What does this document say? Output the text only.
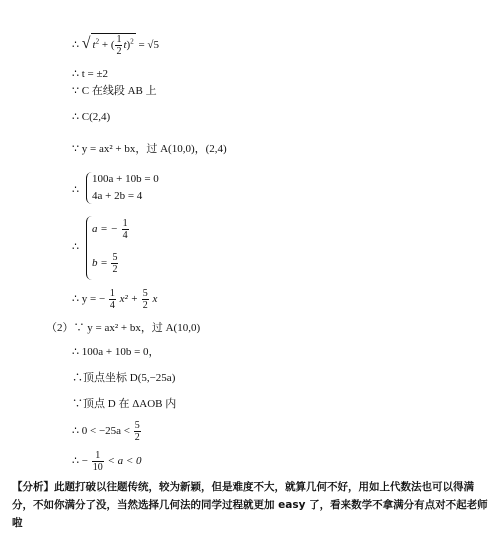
∴ √ $t^2$ + ( $\frac{1}{2} t)^2 = √5$
∴ t = ±2
∵ C 在线段 AB 上
∴ C(2,4)
∵ y = ax² + bx，过 A(10,0)，(2,4)
∴
100a + 10b = 0
4a + 2b = 4
∴
a = − $\frac{1}{4}$
$b = \frac{5}{2}$
∴ y = − $\frac{1}{4} x^2 + \frac{5}{2}$ x
（2）∵ y = ax² + bx，过 A(10,0)
∴ 100a + 10b = 0，
∴顶点坐标 D(5,−25a)
∵顶点 D 在 ΔAOB 内
∴ $0 < -25a < \frac{5}{2}$
∴ − $\frac{1}{10} < a < 0$
【分析】此题打破以往题传统，较为新颖，但是难度不大，就算几何不好，用如上代数法也可以得满分，不如你满分了没，当然选择几何法的同学过程就更加 easy 了，看来数学不拿满分有点对不起老师啦
